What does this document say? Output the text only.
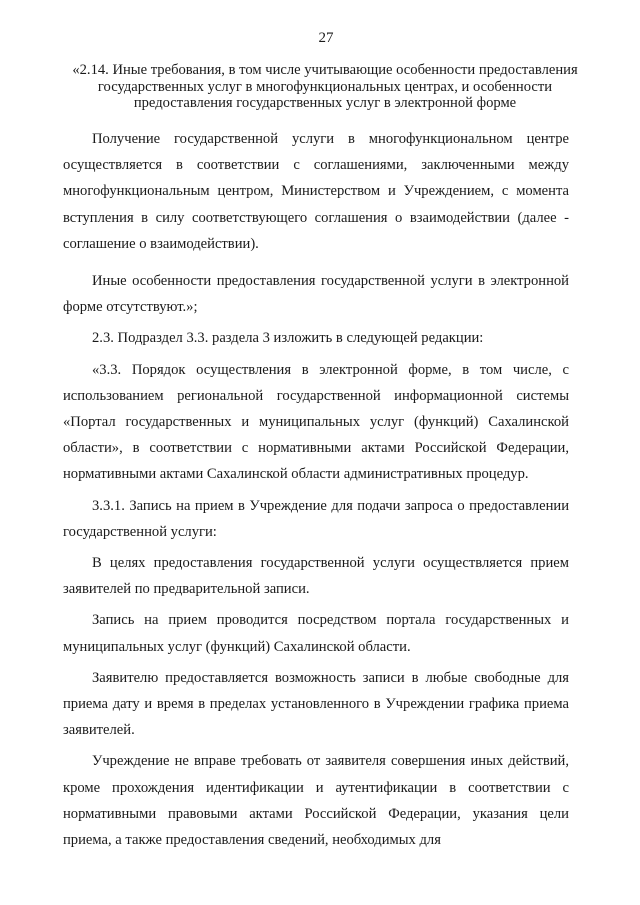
27
«2.14. Иные требования, в том числе учитывающие особенности предоставления государственных услуг в многофункциональных центрах, и особенности предоставления государственных услуг в электронной форме

Получение государственной услуги в многофункциональном центре осуществляется в соответствии с соглашениями, заключенными между многофункциональным центром, Министерством и Учреждением, с момента вступления в силу соответствующего соглашения о взаимодействии (далее - соглашение о взаимодействии).

Иные особенности предоставления государственной услуги в электронной форме отсутствуют.»;

2.3. Подраздел 3.3. раздела 3 изложить в следующей редакции:

«3.3. Порядок осуществления в электронной форме, в том числе, с использованием региональной государственной информационной системы «Портал государственных и муниципальных услуг (функций) Сахалинской области», в соответствии с нормативными актами Российской Федерации, нормативными актами Сахалинской области административных процедур.

3.3.1. Запись на прием в Учреждение для подачи запроса о предоставлении государственной услуги:

В целях предоставления государственной услуги осуществляется прием заявителей по предварительной записи.

Запись на прием проводится посредством портала государственных и муниципальных услуг (функций) Сахалинской области.

Заявителю предоставляется возможность записи в любые свободные для приема дату и время в пределах установленного в Учреждении графика приема заявителей.

Учреждение не вправе требовать от заявителя совершения иных действий, кроме прохождения идентификации и аутентификации в соответствии с нормативными правовыми актами Российской Федерации, указания цели приема, а также предоставления сведений, необходимых для
